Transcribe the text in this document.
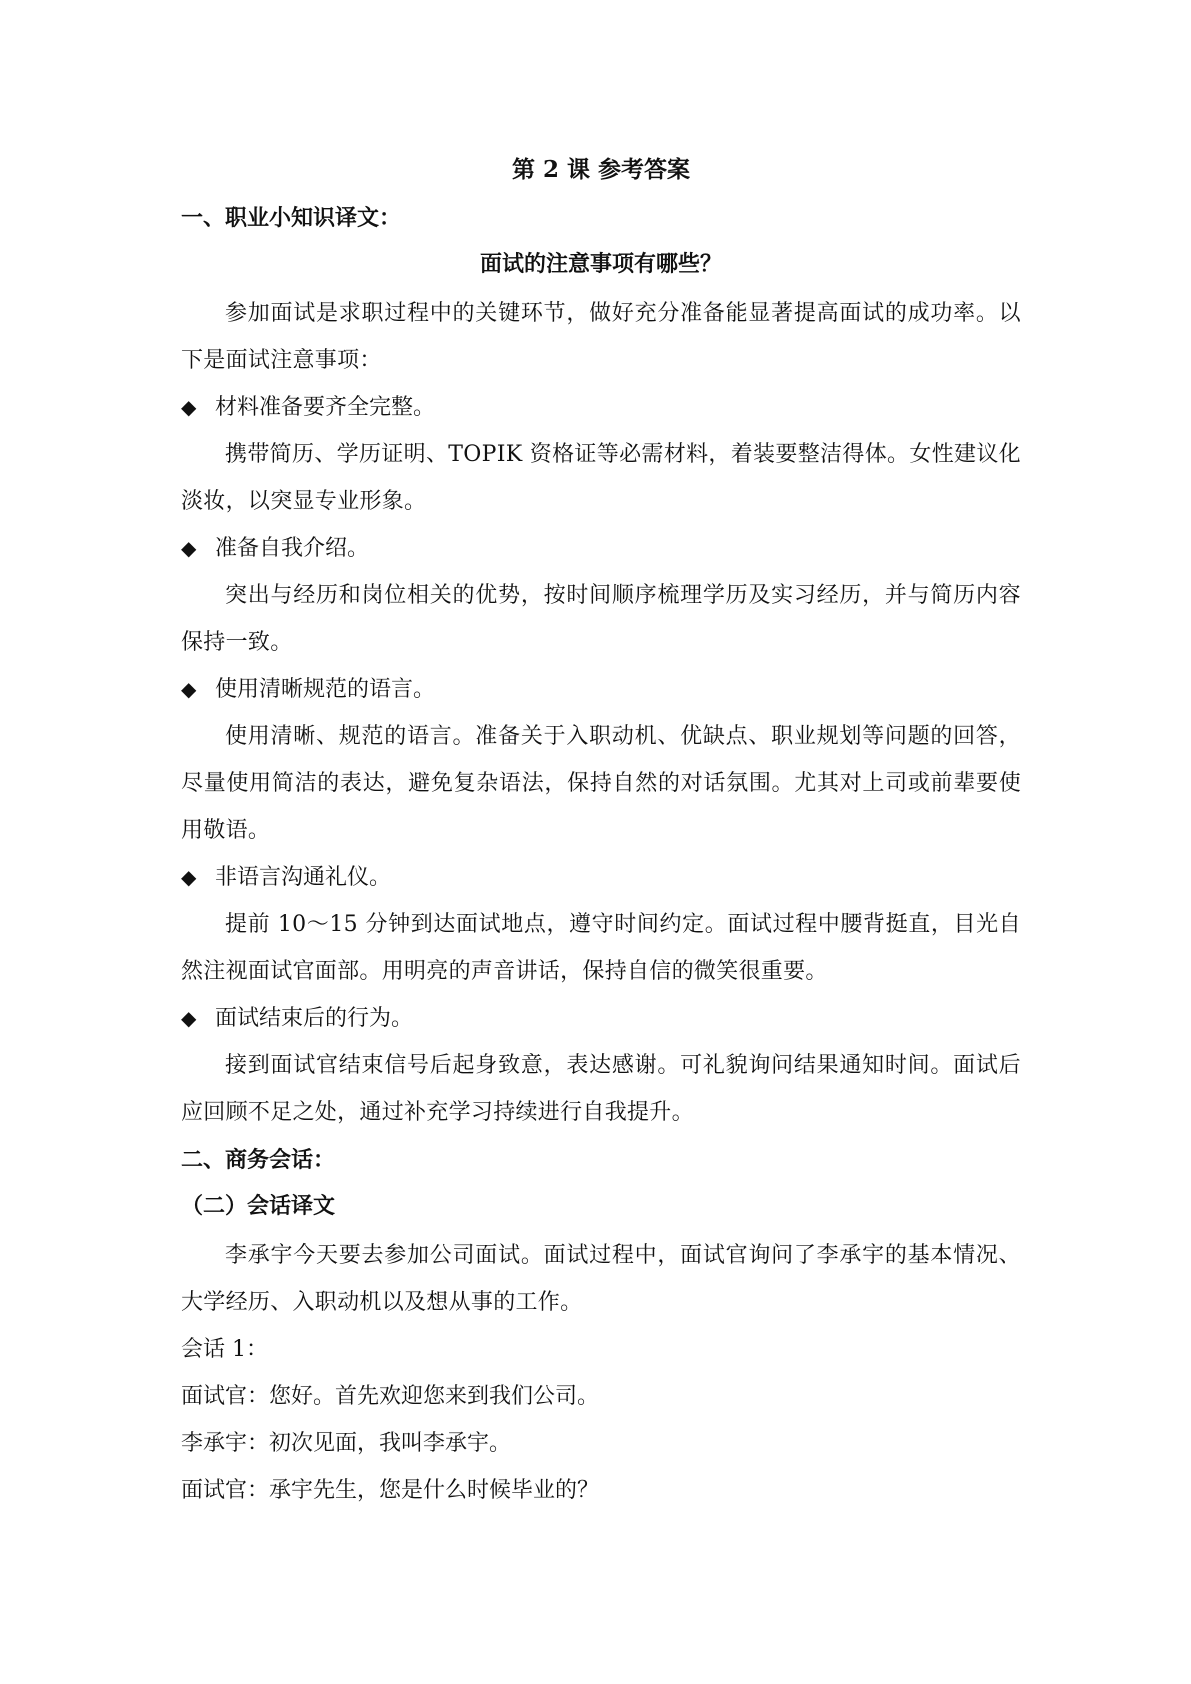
第 2 课 参考答案
一、职业小知识译文：
面试的注意事项有哪些？

参加面试是求职过程中的关键环节，做好充分准备能显著提高面试的成功率。以下是面试注意事项：

◆ 材料准备要齐全完整。

携带简历、学历证明、TOPIK 资格证等必需材料，着装要整洁得体。女性建议化淡妆，以突显专业形象。

◆ 准备自我介绍。

突出与经历和岗位相关的优势，按时间顺序梳理学历及实习经历，并与简历内容保持一致。

◆ 使用清晰规范的语言。

使用清晰、规范的语言。准备关于入职动机、优缺点、职业规划等问题的回答，尽量使用简洁的表达，避免复杂语法，保持自然的对话氛围。尤其对上司或前辈要使用敬语。

◆ 非语言沟通礼仪。

提前 10～15 分钟到达面试地点，遵守时间约定。面试过程中腰背挺直，目光自然注视面试官面部。用明亮的声音讲话，保持自信的微笑很重要。

◆ 面试结束后的行为。

接到面试官结束信号后起身致意，表达感谢。可礼貌询问结果通知时间。面试后应回顾不足之处，通过补充学习持续进行自我提升。

二、商务会话：
（二）会话译文

李承宇今天要去参加公司面试。面试过程中，面试官询问了李承宇的基本情况、大学经历、入职动机以及想从事的工作。

会话 1：
面试官：您好。首先欢迎您来到我们公司。
李承宇：初次见面，我叫李承宇。
面试官：承宇先生，您是什么时候毕业的？
